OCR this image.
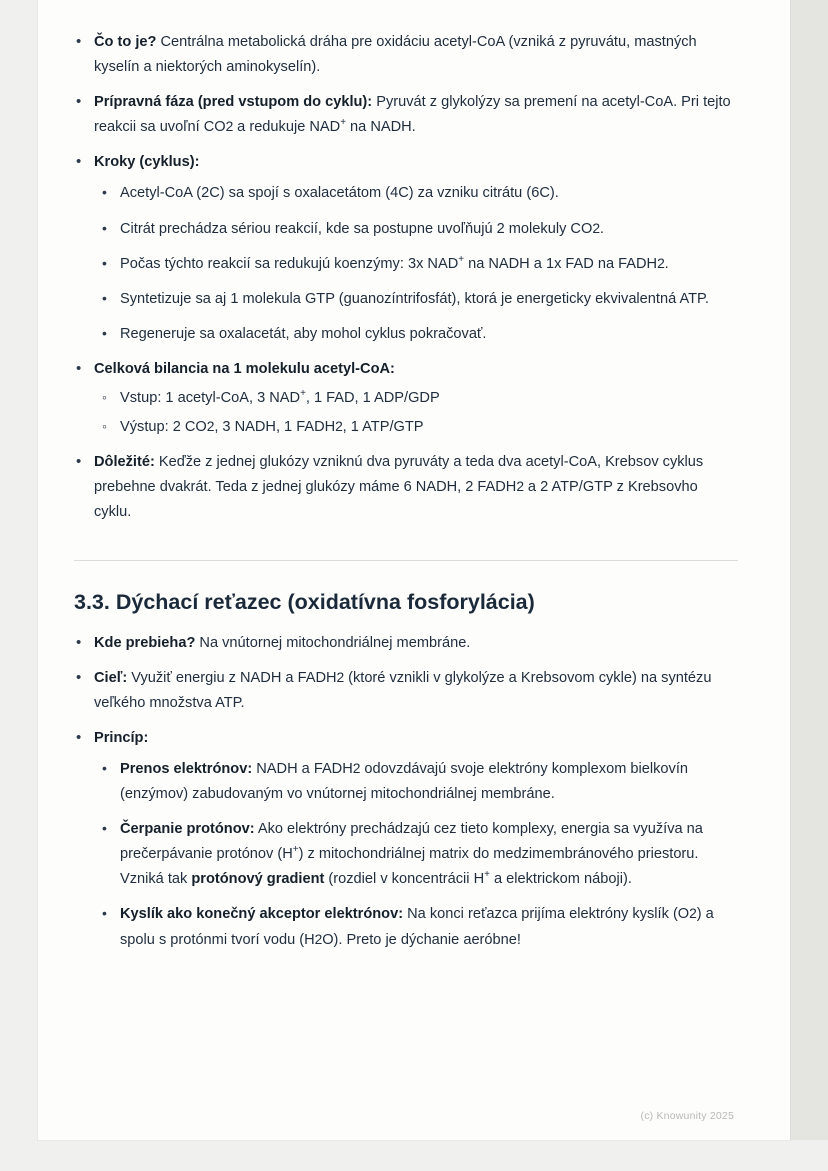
• Čo to je? Centrálna metabolická dráha pre oxidáciu acetyl-CoA (vzniká z pyruvátu, mastných kyselín a niektorých aminokyselín).
• Prípravná fáza (pred vstupom do cyklu): Pyruvát z glykolýzy sa premení na acetyl-CoA. Pri tejto reakcii sa uvoľní CO2 a redukuje NAD+ na NADH.
• Kroky (cyklus):
• Acetyl-CoA (2C) sa spojí s oxalacetátom (4C) za vzniku citrátu (6C).
• Citrát prechádza sériou reakcií, kde sa postupne uvoľňujú 2 molekuly CO2.
• Počas týchto reakcií sa redukujú koenzýmy: 3x NAD+ na NADH a 1x FAD na FADH2.
• Syntetizuje sa aj 1 molekula GTP (guanozíntrifosfát), ktorá je energeticky ekvivalentná ATP.
• Regeneruje sa oxalacetát, aby mohol cyklus pokračovať.
• Celková bilancia na 1 molekulu acetyl-CoA:
◦ Vstup: 1 acetyl-CoA, 3 NAD+, 1 FAD, 1 ADP/GDP
◦ Výstup: 2 CO2, 3 NADH, 1 FADH2, 1 ATP/GTP
• Dôležité: Keďže z jednej glukózy vzniknú dva pyruváty a teda dva acetyl-CoA, Krebsov cyklus prebehne dvakrát. Teda z jednej glukózy máme 6 NADH, 2 FADH2 a 2 ATP/GTP z Krebsovho cyklu.
3.3. Dýchací reťazec (oxidatívna fosforylácia)
• Kde prebieha? Na vnútornej mitochondriálnej membráne.
• Cieľ: Využiť energiu z NADH a FADH2 (ktoré vznikli v glykolýze a Krebsovom cykle) na syntézu veľkého množstva ATP.
• Princíp:
• Prenos elektrónov: NADH a FADH2 odovzdávajú svoje elektróny komplexom bielkovín (enzýmov) zabudovaným vo vnútornej mitochondriálnej membráne.
• Čerpanie protónov: Ako elektróny prechádzajú cez tieto komplexy, energia sa využíva na prečerpávanie protónov (H+) z mitochondriálnej matrix do medzimembránového priestoru. Vzniká tak protónový gradient (rozdiel v koncentrácii H+ a elektrickom náboji).
• Kyslík ako konečný akceptor elektrónov: Na konci reťazca prijíma elektróny kyslík (O2) a spolu s protónmi tvorí vodu (H2O). Preto je dýchanie aeróbne!
(c) Knowunity 2025
